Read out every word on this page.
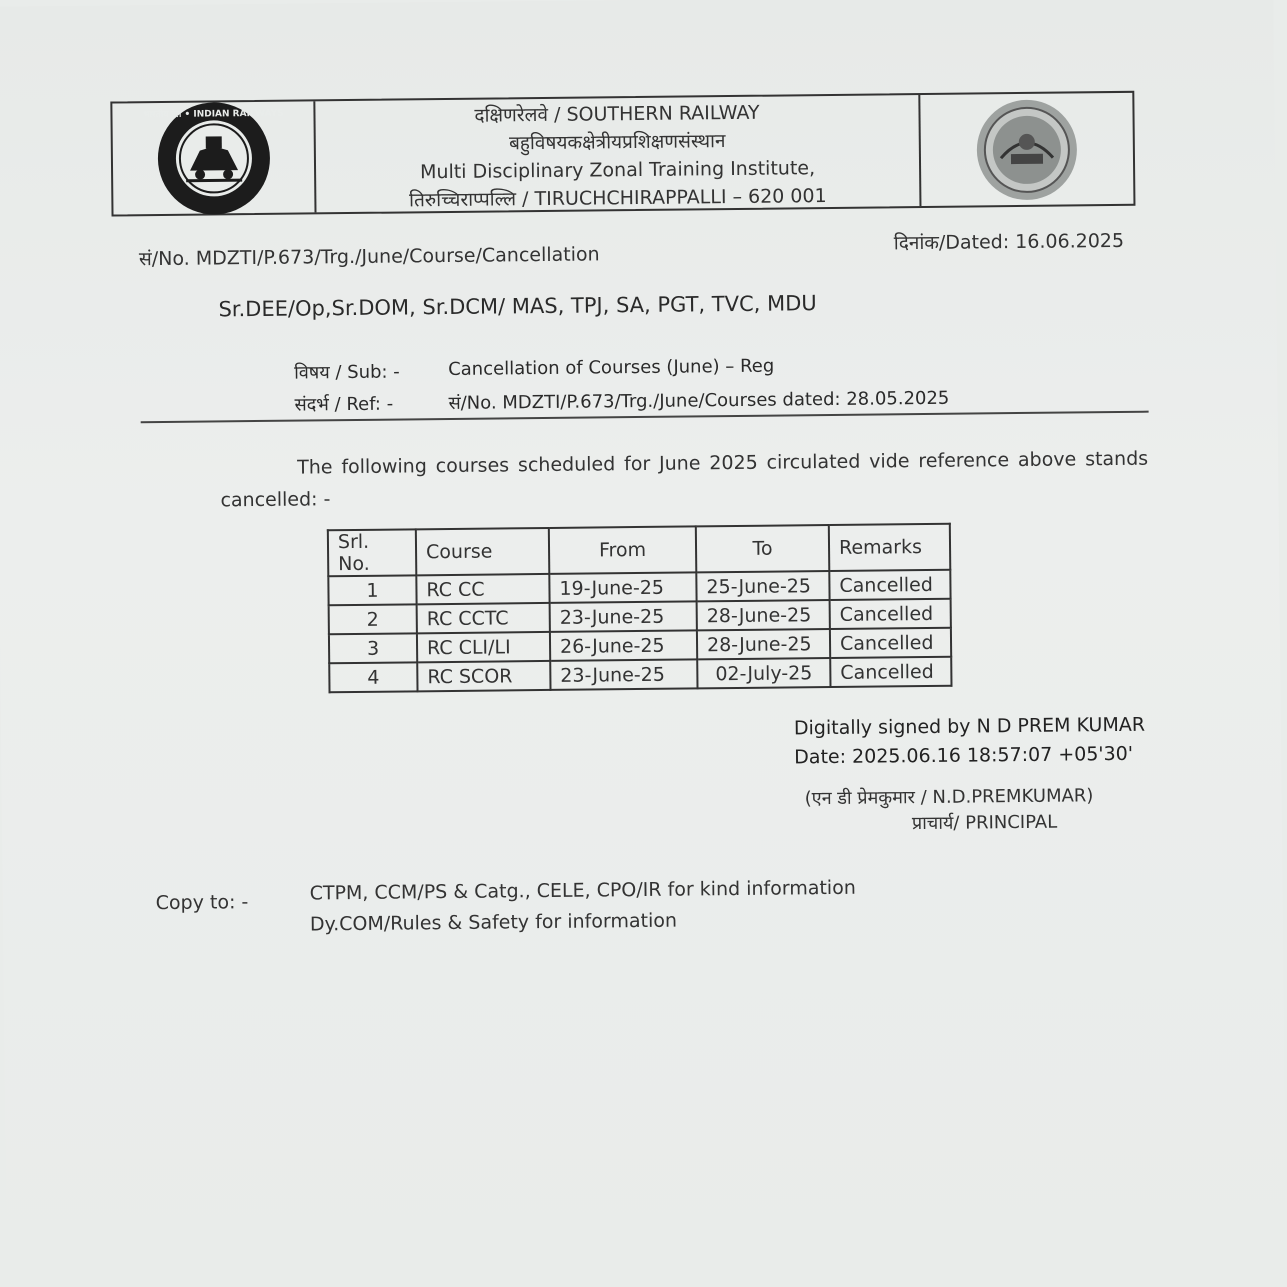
भारतीय रेल • INDIAN RAILWAYS	दक्षिणरेलवे / SOUTHERN RAILWAY
बहुविषयकक्षेत्रीयप्रशिक्षणसंस्थान
Multi Disciplinary Zonal Training Institute,
तिरुच्चिराप्पल्लि / TIRUCHCHIRAPPALLI – 620 001
सं/No. MDZTI/P.673/Trg./June/Course/Cancellation
दिनांक/Dated: 16.06.2025
Sr.DEE/Op,Sr.DOM, Sr.DCM/ MAS, TPJ, SA, PGT, TVC, MDU
विषय / Sub: -	Cancellation of Courses (June) – Reg
संदर्भ / Ref: -	सं/No. MDZTI/P.673/Trg./June/Courses dated: 28.05.2025
The following courses scheduled for June 2025 circulated vide reference above stands cancelled: -
Srl. No.	Course	From	To	Remarks
1	RC CC	19-June-25	25-June-25	Cancelled
2	RC CCTC	23-June-25	28-June-25	Cancelled
3	RC CLI/LI	26-June-25	28-June-25	Cancelled
4	RC SCOR	23-June-25	02-July-25	Cancelled
Digitally signed by N D PREM KUMAR
Date: 2025.06.16 18:57:07 +05'30'
(एन डी प्रेमकुमार / N.D.PREMKUMAR)
प्राचार्य/ PRINCIPAL
Copy to: -	CTPM, CCM/PS & Catg., CELE, CPO/IR for kind information
Dy.COM/Rules & Safety for information
